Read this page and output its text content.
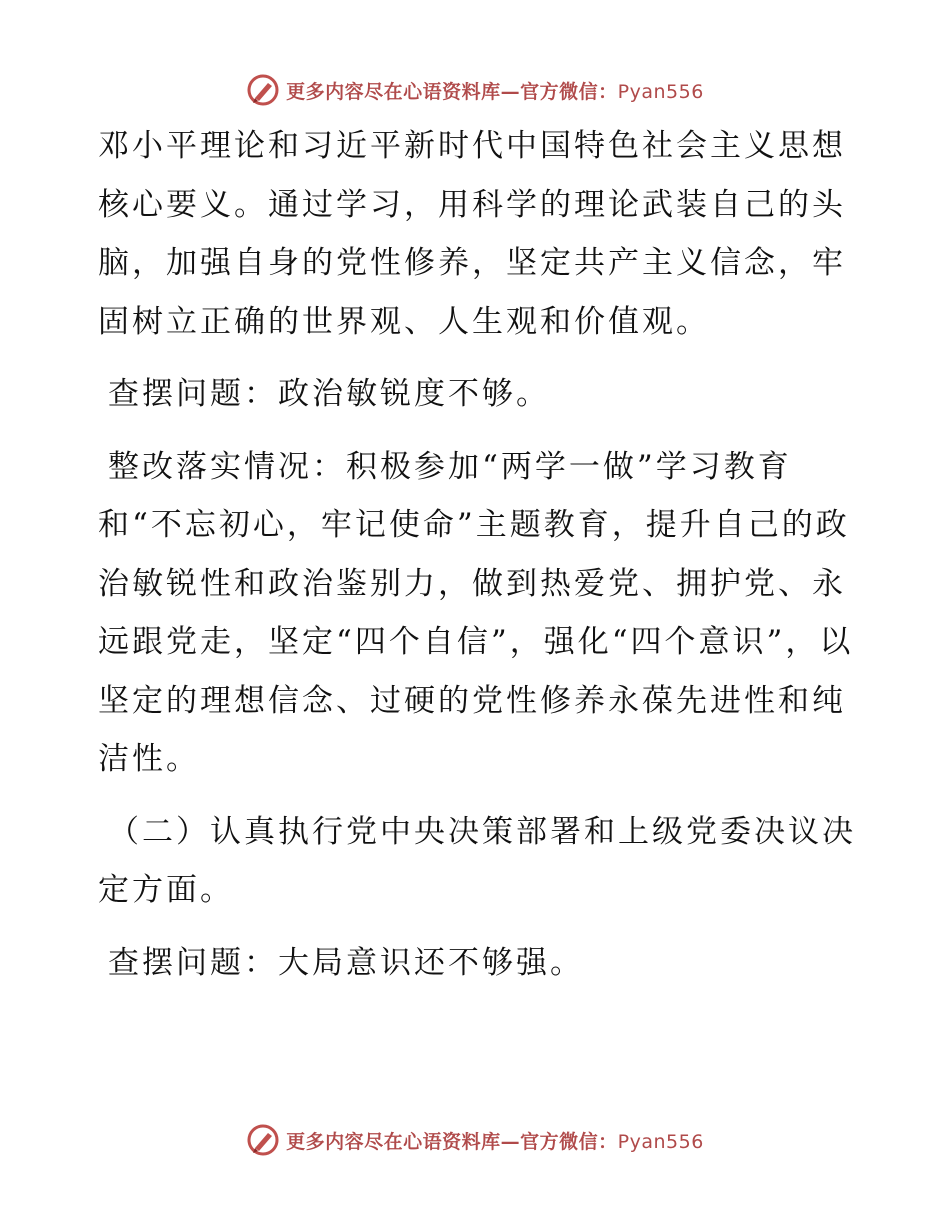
更多内容尽在心语资料库—官方微信：Pyan556

邓小平理论和习近平新时代中国特色社会主义思想核心要义。通过学习，用科学的理论武装自己的头脑，加强自身的党性修养，坚定共产主义信念，牢固树立正确的世界观、人生观和价值观。

查摆问题：政治敏锐度不够。

整改落实情况：积极参加“两学一做”学习教育和“不忘初心，牢记使命”主题教育，提升自己的政治敏锐性和政治鉴别力，做到热爱党、拥护党、永远跟党走，坚定“四个自信”，强化“四个意识”，以坚定的理想信念、过硬的党性修养永葆先进性和纯洁性。

（二）认真执行党中央决策部署和上级党委决议决定方面。

查摆问题：大局意识还不够强。

更多内容尽在心语资料库—官方微信：Pyan556
